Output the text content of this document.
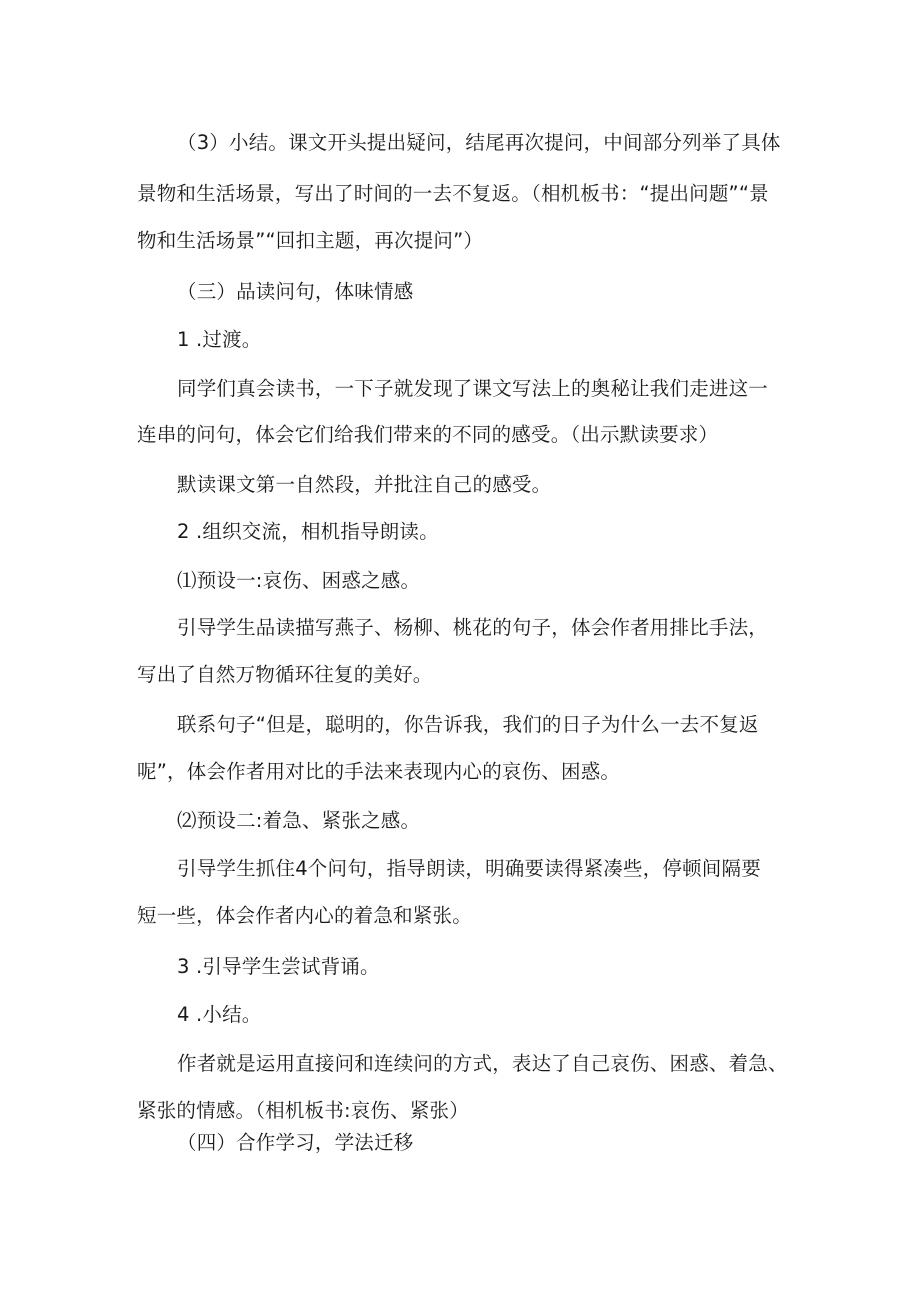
（3）小结。课文开头提出疑问，结尾再次提问，中间部分列举了具体
景物和生活场景，写出了时间的一去不复返。（相机板书：“提出问题”“景
物和生活场景”“回扣主题，再次提问”）
（三）品读问句，体味情感
1 .过渡。
同学们真会读书，一下子就发现了课文写法上的奥秘让我们走进这一
连串的问句，体会它们给我们带来的不同的感受。（出示默读要求）
默读课文第一自然段，并批注自己的感受。
2 .组织交流，相机指导朗读。
⑴预设一:哀伤、困惑之感。
引导学生品读描写燕子、杨柳、桃花的句子，体会作者用排比手法，
写出了自然万物循环往复的美好。
联系句子“但是，聪明的，你告诉我，我们的日子为什么一去不复返
呢”，体会作者用对比的手法来表现内心的哀伤、困惑。
⑵预设二:着急、紧张之感。
引导学生抓住4个问句，指导朗读，明确要读得紧凑些，停顿间隔要
短一些，体会作者内心的着急和紧张。
3 .引导学生尝试背诵。
4 .小结。
作者就是运用直接问和连续问的方式，表达了自己哀伤、困惑、着急、
紧张的情感。（相机板书:哀伤、紧张）
（四）合作学习，学法迁移
